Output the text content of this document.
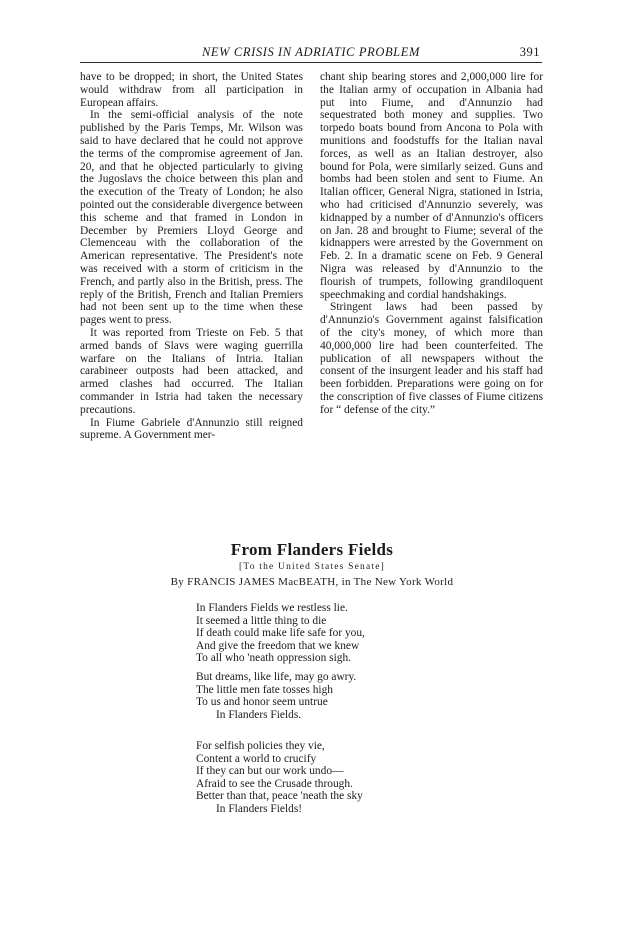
NEW CRISIS IN ADRIATIC PROBLEM	391

have to be dropped; in short, the United States would withdraw from all participation in European affairs.

In the semi-official analysis of the note published by the Paris Temps, Mr. Wilson was said to have declared that he could not approve the terms of the compromise agreement of Jan. 20, and that he objected particularly to giving the Jugoslavs the choice between this plan and the execution of the Treaty of London; he also pointed out the considerable divergence between this scheme and that framed in London in December by Premiers Lloyd George and Clemenceau with the collaboration of the American representative. The President's note was received with a storm of criticism in the French, and partly also in the British, press. The reply of the British, French and Italian Premiers had not been sent up to the time when these pages went to press.

It was reported from Trieste on Feb. 5 that armed bands of Slavs were waging guerrilla warfare on the Italians of Intria. Italian carabineer outposts had been attacked, and armed clashes had occurred. The Italian commander in Istria had taken the necessary precautions.

In Fiume Gabriele d'Annunzio still reigned supreme. A Government mer-

chant ship bearing stores and 2,000,000 lire for the Italian army of occupation in Albania had put into Fiume, and d'Annunzio had sequestrated both money and supplies. Two torpedo boats bound from Ancona to Pola with munitions and foodstuffs for the Italian naval forces, as well as an Italian destroyer, also bound for Pola, were similarly seized. Guns and bombs had been stolen and sent to Fiume. An Italian officer, General Nigra, stationed in Istria, who had criticised d'Annunzio severely, was kidnapped by a number of d'Annunzio's officers on Jan. 28 and brought to Fiume; several of the kidnappers were arrested by the Government on Feb. 2. In a dramatic scene on Feb. 9 General Nigra was released by d'Annunzio to the flourish of trumpets, following grandiloquent speechmaking and cordial handshakings.

Stringent laws had been passed by d'Annunzio's Government against falsification of the city's money, of which more than 40,000,000 lire had been counterfeited. The publication of all newspapers without the consent of the insurgent leader and his staff had been forbidden. Preparations were going on for the conscription of five classes of Fiume citizens for “ defense of the city.”

From Flanders Fields
[To the United States Senate]
By FRANCIS JAMES MacBEATH, in The New York World
In Flanders Fields we restless lie.
It seemed a little thing to die
If death could make life safe for you,
And give the freedom that we knew
To all who 'neath oppression sigh.
But dreams, like life, may go awry.
The little men fate tosses high
To us and honor seem untrue
In Flanders Fields.
For selfish policies they vie,
Content a world to crucify
If they can but our work undo—
Afraid to see the Crusade through.
Better than that, peace 'neath the sky
In Flanders Fields!
